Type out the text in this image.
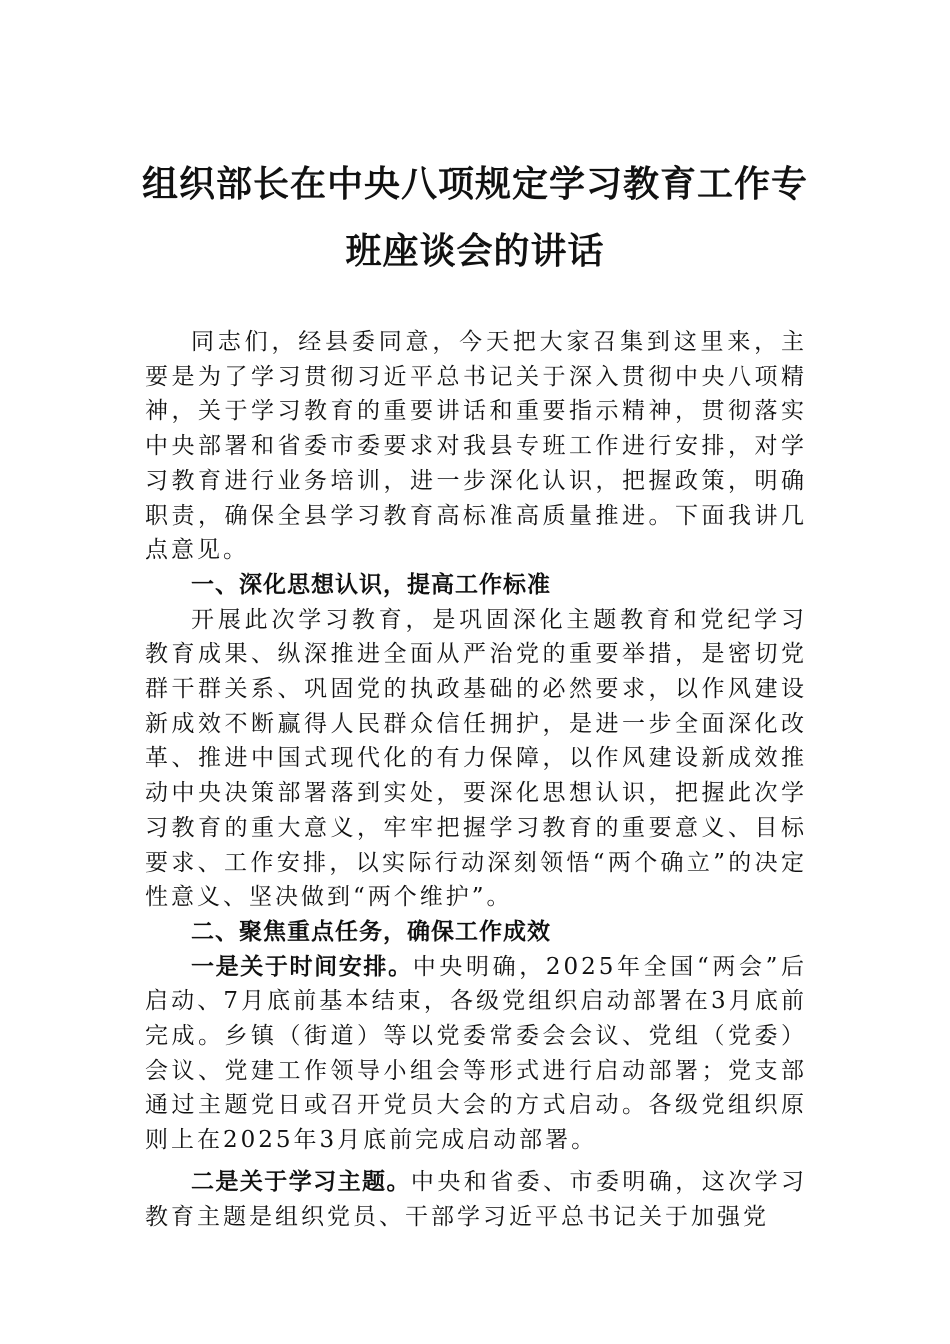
组织部长在中央八项规定学习教育工作专
班座谈会的讲话

同志们，经县委同意，今天把大家召集到这里来，主要是为了学习贯彻习近平总书记关于深入贯彻中央八项精神，关于学习教育的重要讲话和重要指示精神，贯彻落实中央部署和省委市委要求对我县专班工作进行安排，对学习教育进行业务培训，进一步深化认识，把握政策，明确职责，确保全县学习教育高标准高质量推进。下面我讲几点意见。

一、深化思想认识，提高工作标准

开展此次学习教育，是巩固深化主题教育和党纪学习教育成果、纵深推进全面从严治党的重要举措，是密切党群干群关系、巩固党的执政基础的必然要求，以作风建设新成效不断赢得人民群众信任拥护，是进一步全面深化改革、推进中国式现代化的有力保障，以作风建设新成效推动中央决策部署落到实处，要深化思想认识，把握此次学习教育的重大意义，牢牢把握学习教育的重要意义、目标要求、工作安排，以实际行动深刻领悟“两个确立”的决定性意义、坚决做到“两个维护”。

二、聚焦重点任务，确保工作成效

一是关于时间安排。中央明确，2025年全国“两会”后启动、7月底前基本结束，各级党组织启动部署在3月底前完成。乡镇（街道）等以党委常委会会议、党组（党委）会议、党建工作领导小组会等形式进行启动部署；党支部通过主题党日或召开党员大会的方式启动。各级党组织原则上在2025年3月底前完成启动部署。

二是关于学习主题。中央和省委、市委明确，这次学习教育主题是组织党员、干部学习近平总书记关于加强党
